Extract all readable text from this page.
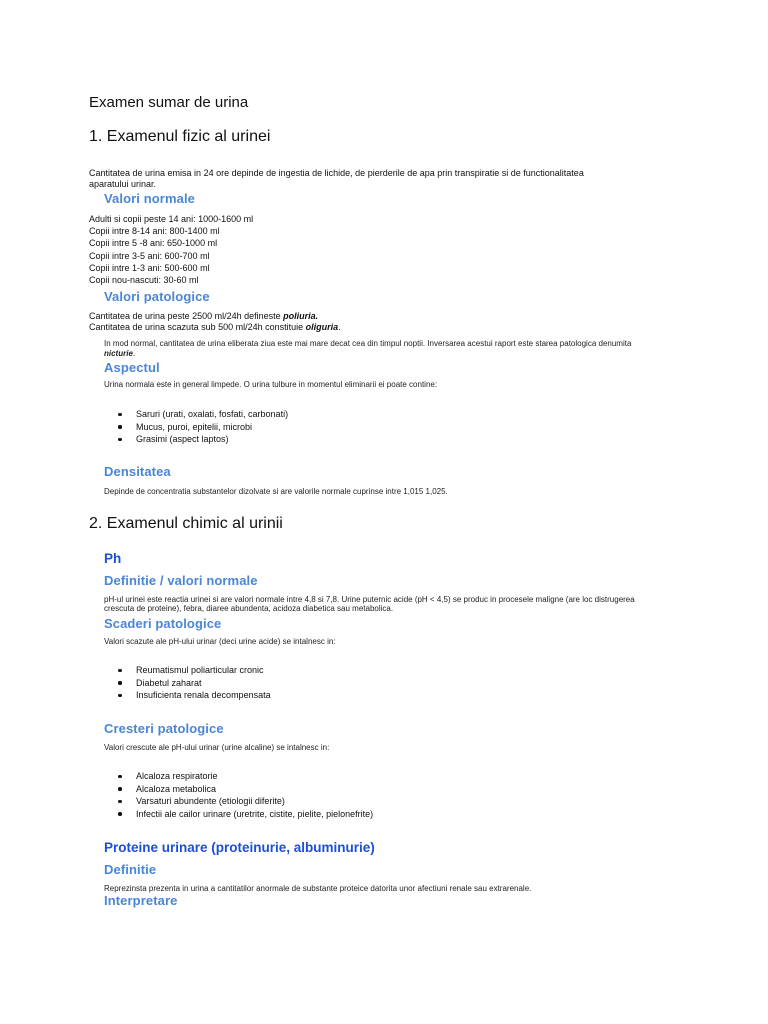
Examen sumar de urina
1. Examenul fizic al urinei
Cantitatea de urina emisa in 24 ore depinde de ingestia de lichide, de pierderile de apa prin transpiratie si de functionalitatea
aparatului urinar.
Valori normale
Adulti si copii peste 14 ani: 1000-1600 ml
Copii intre 8-14 ani: 800-1400 ml
Copii intre 5 -8 ani: 650-1000 ml
Copii intre 3-5 ani: 600-700 ml
Copii intre 1-3 ani: 500-600 ml
Copii nou-nascuti: 30-60 ml
Valori patologice
Cantitatea de urina peste 2500 ml/24h defineste poliuria.
Cantitatea de urina scazuta sub 500 ml/24h constituie oliguria.
In mod normal, cantitatea de urina eliberata ziua este mai mare decat cea din timpul noptii. Inversarea acestui raport este starea patologica denumita
nicturie.
Aspectul
Urina normala este in general limpede. O urina tulbure in momentul eliminarii ei poate contine:
Saruri (urati, oxalati, fosfati, carbonati)
Mucus, puroi, epitelii, microbi
Grasimi (aspect laptos)
Densitatea
Depinde de concentratia substantelor dizolvate si are valorile normale cuprinse intre 1,015 1,025.
2. Examenul chimic al urinii
Ph
Definitie / valori normale
pH-ul urinei este reactia urinei si are valori normale intre 4,8 si 7,8. Urine puternic acide (pH < 4,5) se produc in procesele maligne (are loc distrugerea
crescuta de proteine), febra, diaree abundenta, acidoza diabetica sau metabolica.
Scaderi patologice
Valori scazute ale pH-ului urinar (deci urine acide) se intalnesc in:
Reumatismul poliarticular cronic
Diabetul zaharat
Insuficienta renala decompensata
Cresteri patologice
Valori crescute ale pH-ului urinar (urine alcaline) se intalnesc in:
Alcaloza respiratorie
Alcaloza metabolica
Varsaturi abundente (etiologii diferite)
Infectii ale cailor urinare (uretrite, cistite, pielite, pielonefrite)
Proteine urinare (proteinurie, albuminurie)
Definitie
Reprezinsta prezenta in urina a cantitatilor anormale de substante proteice datorita unor afectiuni renale sau extrarenale.
Interpretare
